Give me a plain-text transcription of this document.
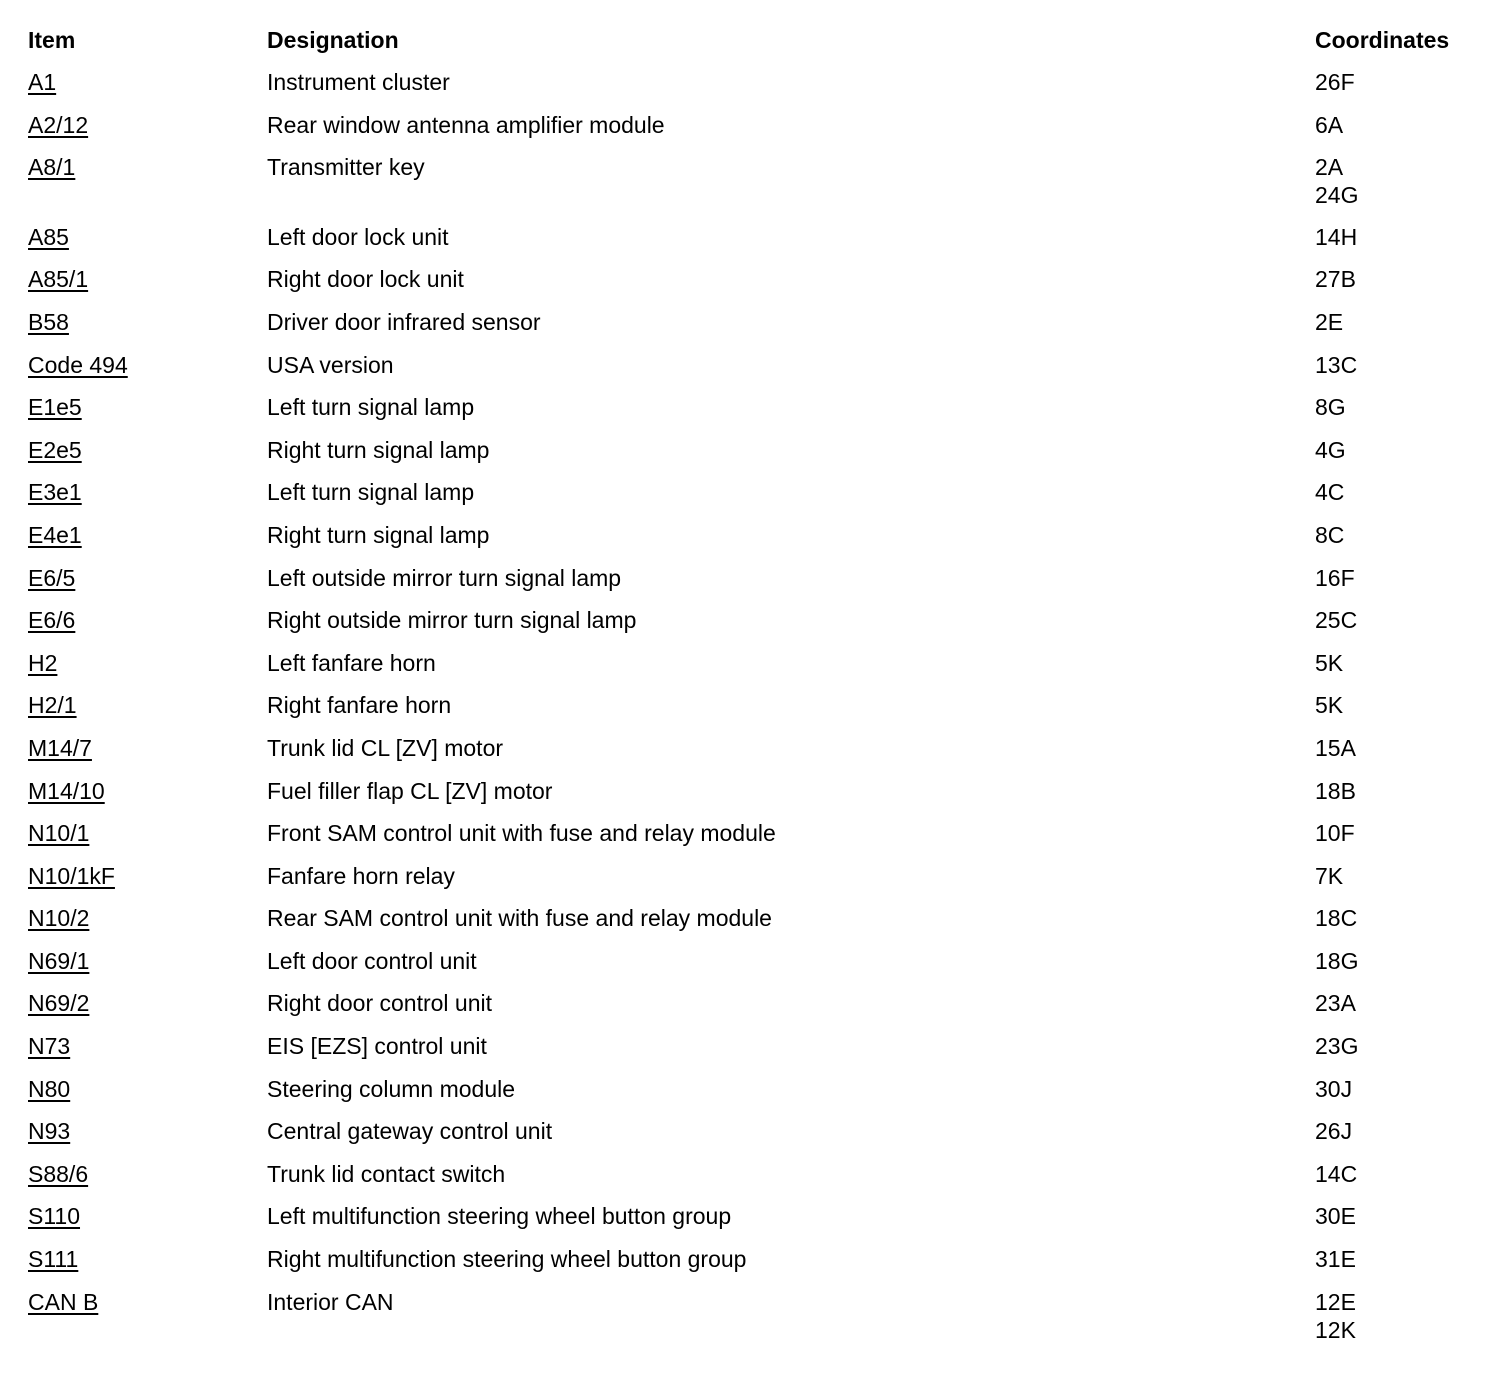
Item	Designation	Coordinates
A1	Instrument cluster	26F
A2/12	Rear window antenna amplifier module	6A
A8/1	Transmitter key	2A
24G
A85	Left door lock unit	14H
A85/1	Right door lock unit	27B
B58	Driver door infrared sensor	2E
Code 494	USA version	13C
E1e5	Left turn signal lamp	8G
E2e5	Right turn signal lamp	4G
E3e1	Left turn signal lamp	4C
E4e1	Right turn signal lamp	8C
E6/5	Left outside mirror turn signal lamp	16F
E6/6	Right outside mirror turn signal lamp	25C
H2	Left fanfare horn	5K
H2/1	Right fanfare horn	5K
M14/7	Trunk lid CL [ZV] motor	15A
M14/10	Fuel filler flap CL [ZV] motor	18B
N10/1	Front SAM control unit with fuse and relay module	10F
N10/1kF	Fanfare horn relay	7K
N10/2	Rear SAM control unit with fuse and relay module	18C
N69/1	Left door control unit	18G
N69/2	Right door control unit	23A
N73	EIS [EZS] control unit	23G
N80	Steering column module	30J
N93	Central gateway control unit	26J
S88/6	Trunk lid contact switch	14C
S110	Left multifunction steering wheel button group	30E
S111	Right multifunction steering wheel button group	31E
CAN B	Interior CAN	12E
12K
